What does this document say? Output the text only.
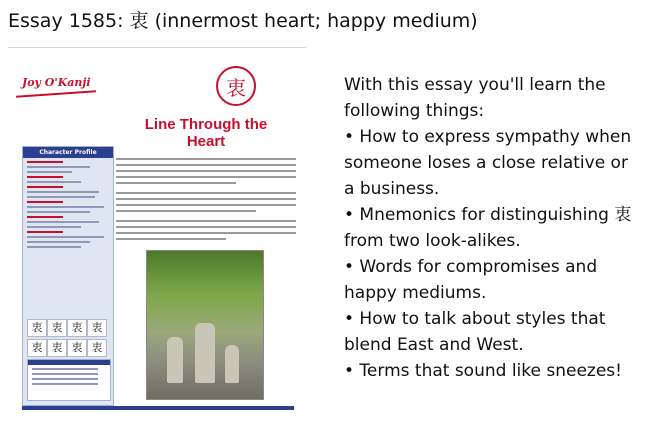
Essay 1585: 衷 (innermost heart; happy medium)
Joy O'Kanji	衷
Line Through the Heart
Character Profile
衷 衷 衷 衷
衷 衷 衷 衷
With this essay you'll learn the following things:
• How to express sympathy when someone loses a close relative or a business.
• Mnemonics for distinguishing 衷 from two look-alikes.
• Words for compromises and happy mediums.
• How to talk about styles that blend East and West.
• Terms that sound like sneezes!
